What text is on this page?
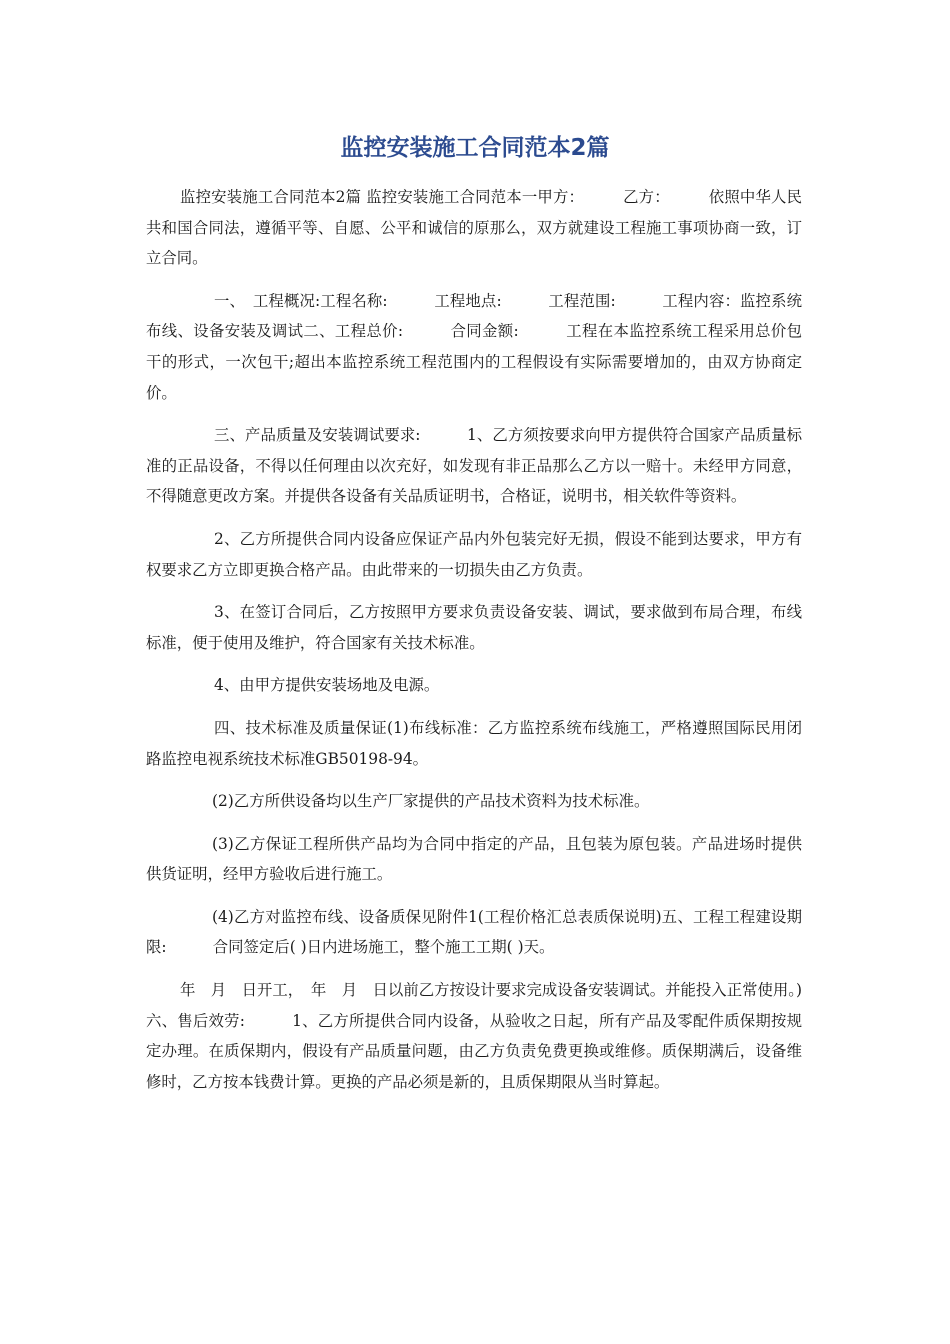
监控安装施工合同范本2篇

监控安装施工合同范本2篇 监控安装施工合同范本一甲方：　　　乙方：　　　依照中华人民共和国合同法，遵循平等、自愿、公平和诚信的原那么，双方就建设工程施工事项协商一致，订立合同。

一、　工程概况:工程名称:　　　工程地点:　　　工程范围:　　　工程内容：监控系统布线、设备安装及调试二、工程总价:　　　合同金额:　　　工程在本监控系统工程采用总价包干的形式，一次包干;超出本监控系统工程范围内的工程假设有实际需要增加的，由双方协商定价。

三、产品质量及安装调试要求:　　　1、乙方须按要求向甲方提供符合国家产品质量标准的正品设备，不得以任何理由以次充好，如发现有非正品那么乙方以一赔十。未经甲方同意，不得随意更改方案。并提供各设备有关品质证明书，合格证，说明书，相关软件等资料。

2、乙方所提供合同内设备应保证产品内外包装完好无损，假设不能到达要求，甲方有权要求乙方立即更换合格产品。由此带来的一切损失由乙方负责。

3、在签订合同后，乙方按照甲方要求负责设备安装、调试，要求做到布局合理，布线标准，便于使用及维护，符合国家有关技术标准。

4、由甲方提供安装场地及电源。

四、技术标准及质量保证(1)布线标准：乙方监控系统布线施工，严格遵照国际民用闭路监控电视系统技术标准GB50198-94。

(2)乙方所供设备均以生产厂家提供的产品技术资料为技术标准。

(3)乙方保证工程所供产品均为合同中指定的产品，且包装为原包装。产品进场时提供供货证明，经甲方验收后进行施工。

(4)乙方对监控布线、设备质保见附件1(工程价格汇总表质保说明)五、工程工程建设期限:　　　合同签定后( )日内进场施工，整个施工工期( )天。

年　月　日开工，　年　月　日以前乙方按设计要求完成设备安装调试。并能投入正常使用。)六、售后效劳:　　　1、乙方所提供合同内设备，从验收之日起，所有产品及零配件质保期按规定办理。在质保期内，假设有产品质量问题，由乙方负责免费更换或维修。质保期满后，设备维修时，乙方按本钱费计算。更换的产品必须是新的，且质保期限从当时算起。
